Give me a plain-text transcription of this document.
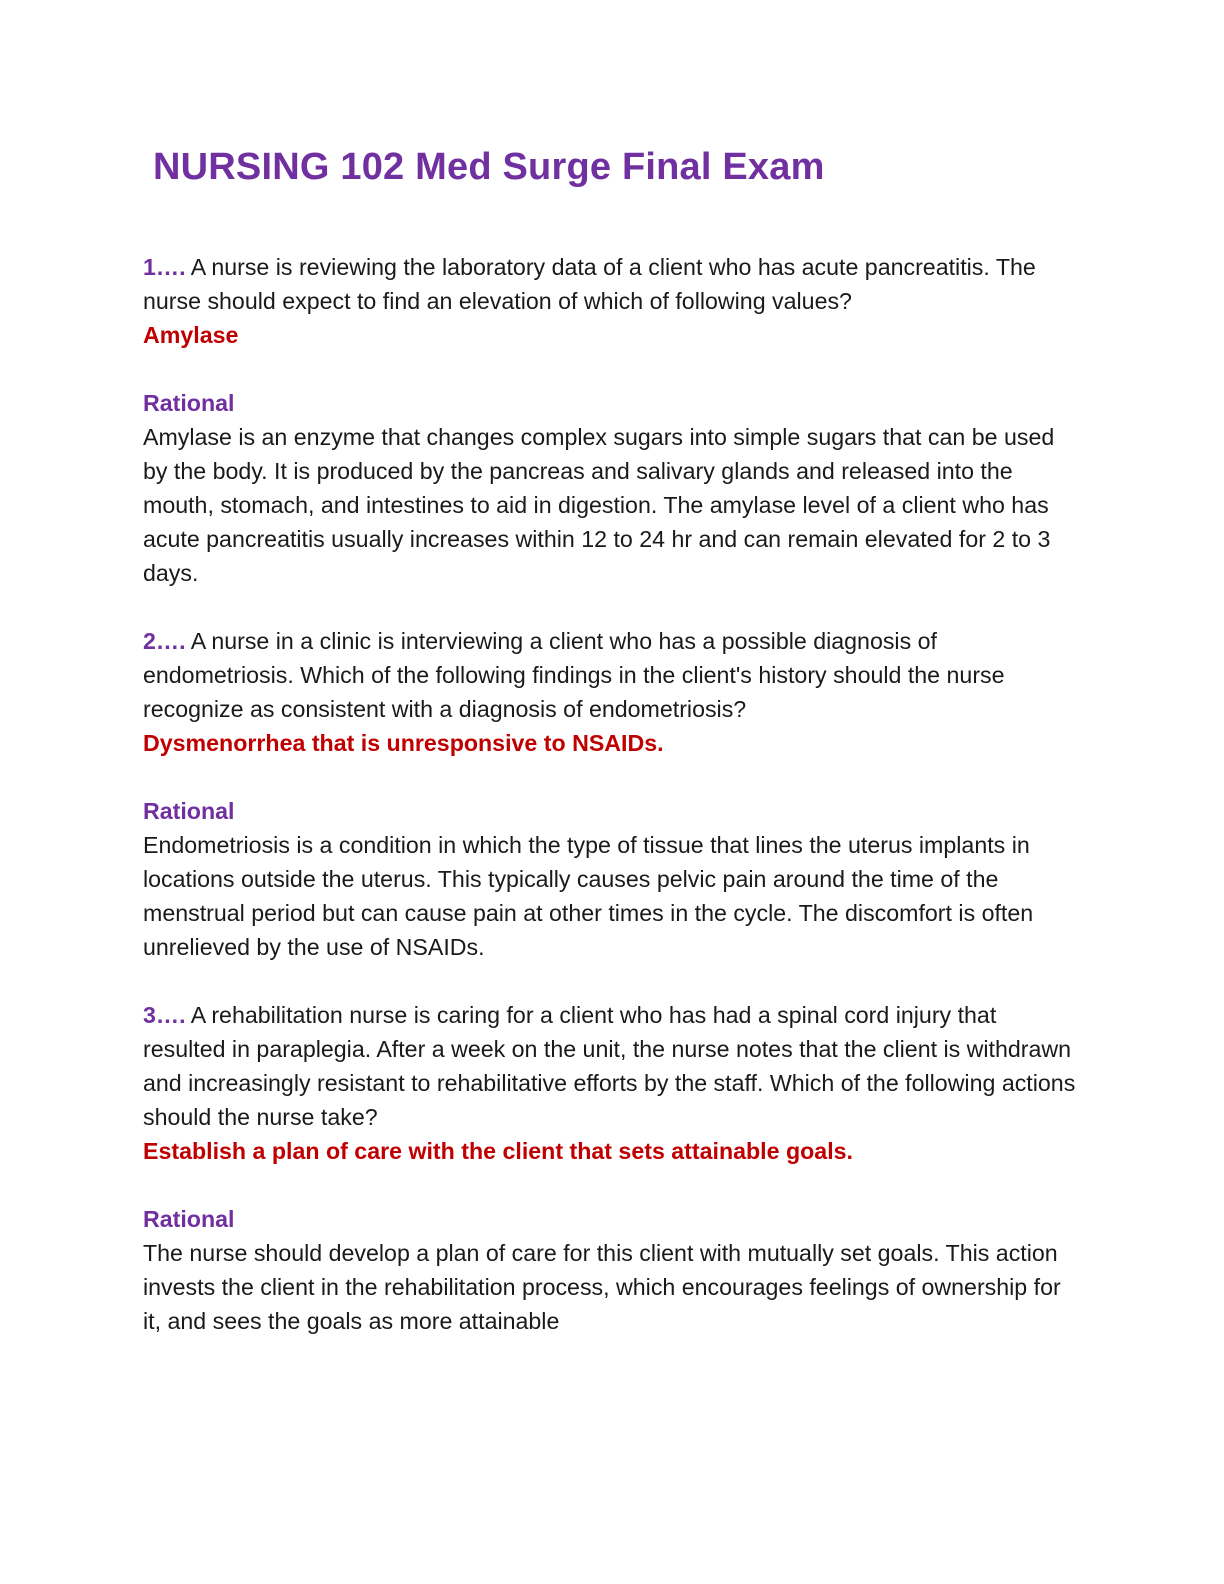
NURSING 102 Med Surge Final Exam

1…. A nurse is reviewing the laboratory data of a client who has acute pancreatitis. The nurse should expect to find an elevation of which of following values?

Amylase

Rational

Amylase is an enzyme that changes complex sugars into simple sugars that can be used by the body. It is produced by the pancreas and salivary glands and released into the mouth, stomach, and intestines to aid in digestion. The amylase level of a client who has acute pancreatitis usually increases within 12 to 24 hr and can remain elevated for 2 to 3 days.

2…. A nurse in a clinic is interviewing a client who has a possible diagnosis of endometriosis. Which of the following findings in the client's history should the nurse recognize as consistent with a diagnosis of endometriosis?

Dysmenorrhea that is unresponsive to NSAIDs.

Rational

Endometriosis is a condition in which the type of tissue that lines the uterus implants in locations outside the uterus. This typically causes pelvic pain around the time of the menstrual period but can cause pain at other times in the cycle. The discomfort is often unrelieved by the use of NSAIDs.

3…. A rehabilitation nurse is caring for a client who has had a spinal cord injury that resulted in paraplegia. After a week on the unit, the nurse notes that the client is withdrawn and increasingly resistant to rehabilitative efforts by the staff. Which of the following actions should the nurse take?

Establish a plan of care with the client that sets attainable goals.

Rational

The nurse should develop a plan of care for this client with mutually set goals. This action invests the client in the rehabilitation process, which encourages feelings of ownership for it, and sees the goals as more attainable
